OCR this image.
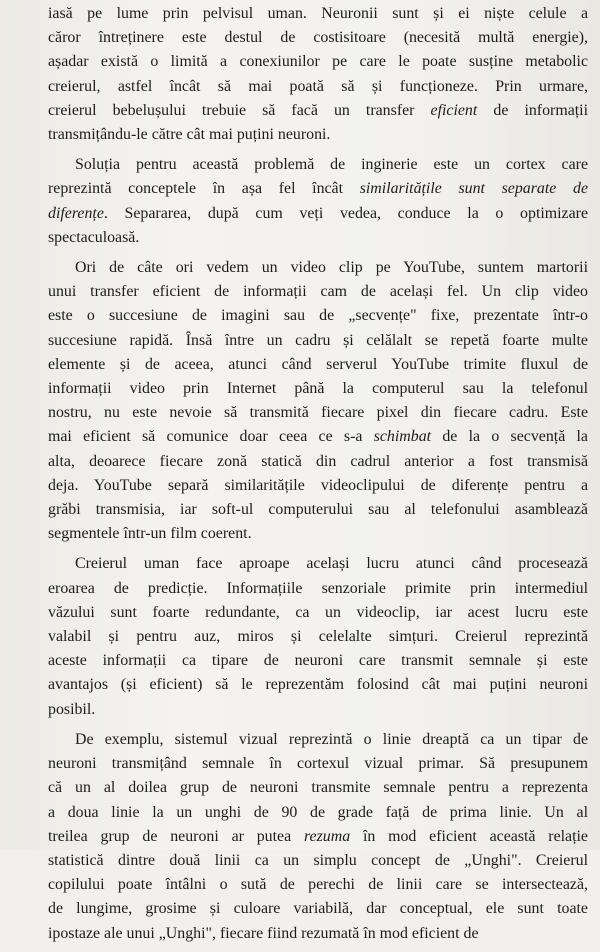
iasă pe lume prin pelvisul uman. Neuronii sunt și ei niște celule a
căror întreținere este destul de costisitoare (necesită multă energie),
așadar există o limită a conexiunilor pe care le poate susține metabolic
creierul, astfel încât să mai poată să și funcționeze. Prin urmare,
creierul bebelușului trebuie să facă un transfer eficient de informații
transmițându-le către cât mai puțini neuroni.
Soluția pentru această problemă de inginerie este un cortex care
reprezintă conceptele în așa fel încât similaritățile sunt separate de
diferențe. Separarea, după cum veți vedea, conduce la o optimizare
spectaculoasă.
Ori de câte ori vedem un video clip pe YouTube, suntem martorii
unui transfer eficient de informații cam de același fel. Un clip video
este o succesiune de imagini sau de „secvențe" fixe, prezentate într-o
succesiune rapidă. Însă între un cadru și celălalt se repetă foarte multe
elemente și de aceea, atunci când serverul YouTube trimite fluxul de
informații video prin Internet până la computerul sau la telefonul
nostru, nu este nevoie să transmită fiecare pixel din fiecare cadru. Este
mai eficient să comunice doar ceea ce s-a schimbat de la o secvență la
alta, deoarece fiecare zonă statică din cadrul anterior a fost transmisă
deja. YouTube separă similaritățile videoclipului de diferențe pentru a
grăbi transmisia, iar soft-ul computerului sau al telefonului asamblează
segmentele într-un film coerent.
Creierul uman face aproape același lucru atunci când procesează
eroarea de predicție. Informațiile senzoriale primite prin intermediul
văzului sunt foarte redundante, ca un videoclip, iar acest lucru este
valabil și pentru auz, miros și celelalte simțuri. Creierul reprezintă
aceste informații ca tipare de neuroni care transmit semnale și este
avantajos (și eficient) să le reprezentăm folosind cât mai puțini neuroni
posibil.
De exemplu, sistemul vizual reprezintă o linie dreaptă ca un tipar de
neuroni transmițând semnale în cortexul vizual primar. Să presupunem
că un al doilea grup de neuroni transmite semnale pentru a reprezenta
a doua linie la un unghi de 90 de grade față de prima linie. Un al
treilea grup de neuroni ar putea rezuma în mod eficient această relație
statistică dintre două linii ca un simplu concept de „Unghi". Creierul
copilului poate întâlni o sută de perechi de linii care se intersectează,
de lungime, grosime și culoare variabilă, dar conceptual, ele sunt toate
ipostaze ale unui „Unghi", fiecare fiind rezumată în mod eficient de
